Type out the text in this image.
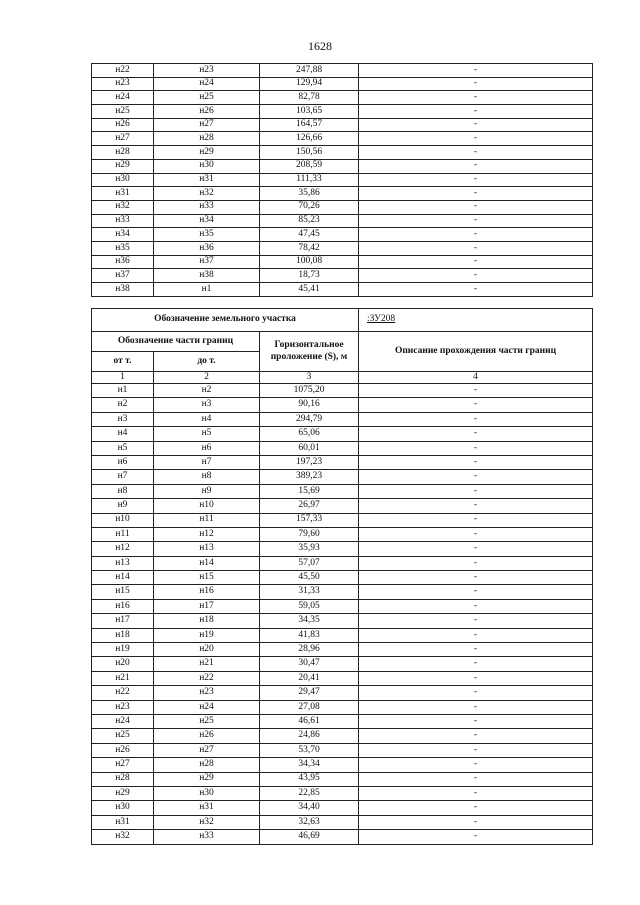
1628
н22	н23	247,88	-
н23	н24	129,94	-
н24	н25	82,78	-
н25	н26	103,65	-
н26	н27	164,57	-
н27	н28	126,66	-
н28	н29	150,56	-
н29	н30	208,59	-
н30	н31	111,33	-
н31	н32	35,86	-
н32	н33	70,26	-
н33	н34	85,23	-
н34	н35	47,45	-
н35	н36	78,42	-
н36	н37	100,08	-
н37	н38	18,73	-
н38	н1	45,41	-
Обозначение земельного участка			:ЗУ208
Обозначение части границ		Горизонтальное проложение (S), м	Описание прохождения части границ
от т.	до т.		
1	2	3	4
н1	н2	1075,20	-
н2	н3	90,16	-
н3	н4	294,79	-
н4	н5	65,06	-
н5	н6	60,01	-
н6	н7	197,23	-
н7	н8	389,23	-
н8	н9	15,69	-
н9	н10	26,97	-
н10	н11	157,33	-
н11	н12	79,60	-
н12	н13	35,93	-
н13	н14	57,07	-
н14	н15	45,50	-
н15	н16	31,33	-
н16	н17	59,05	-
н17	н18	34,35	-
н18	н19	41,83	-
н19	н20	28,96	-
н20	н21	30,47	-
н21	н22	20,41	-
н22	н23	29,47	-
н23	н24	27,08	-
н24	н25	46,61	-
н25	н26	24,86	-
н26	н27	53,70	-
н27	н28	34,34	-
н28	н29	43,95	-
н29	н30	22,85	-
н30	н31	34,40	-
н31	н32	32,63	-
н32	н33	46,69	-
